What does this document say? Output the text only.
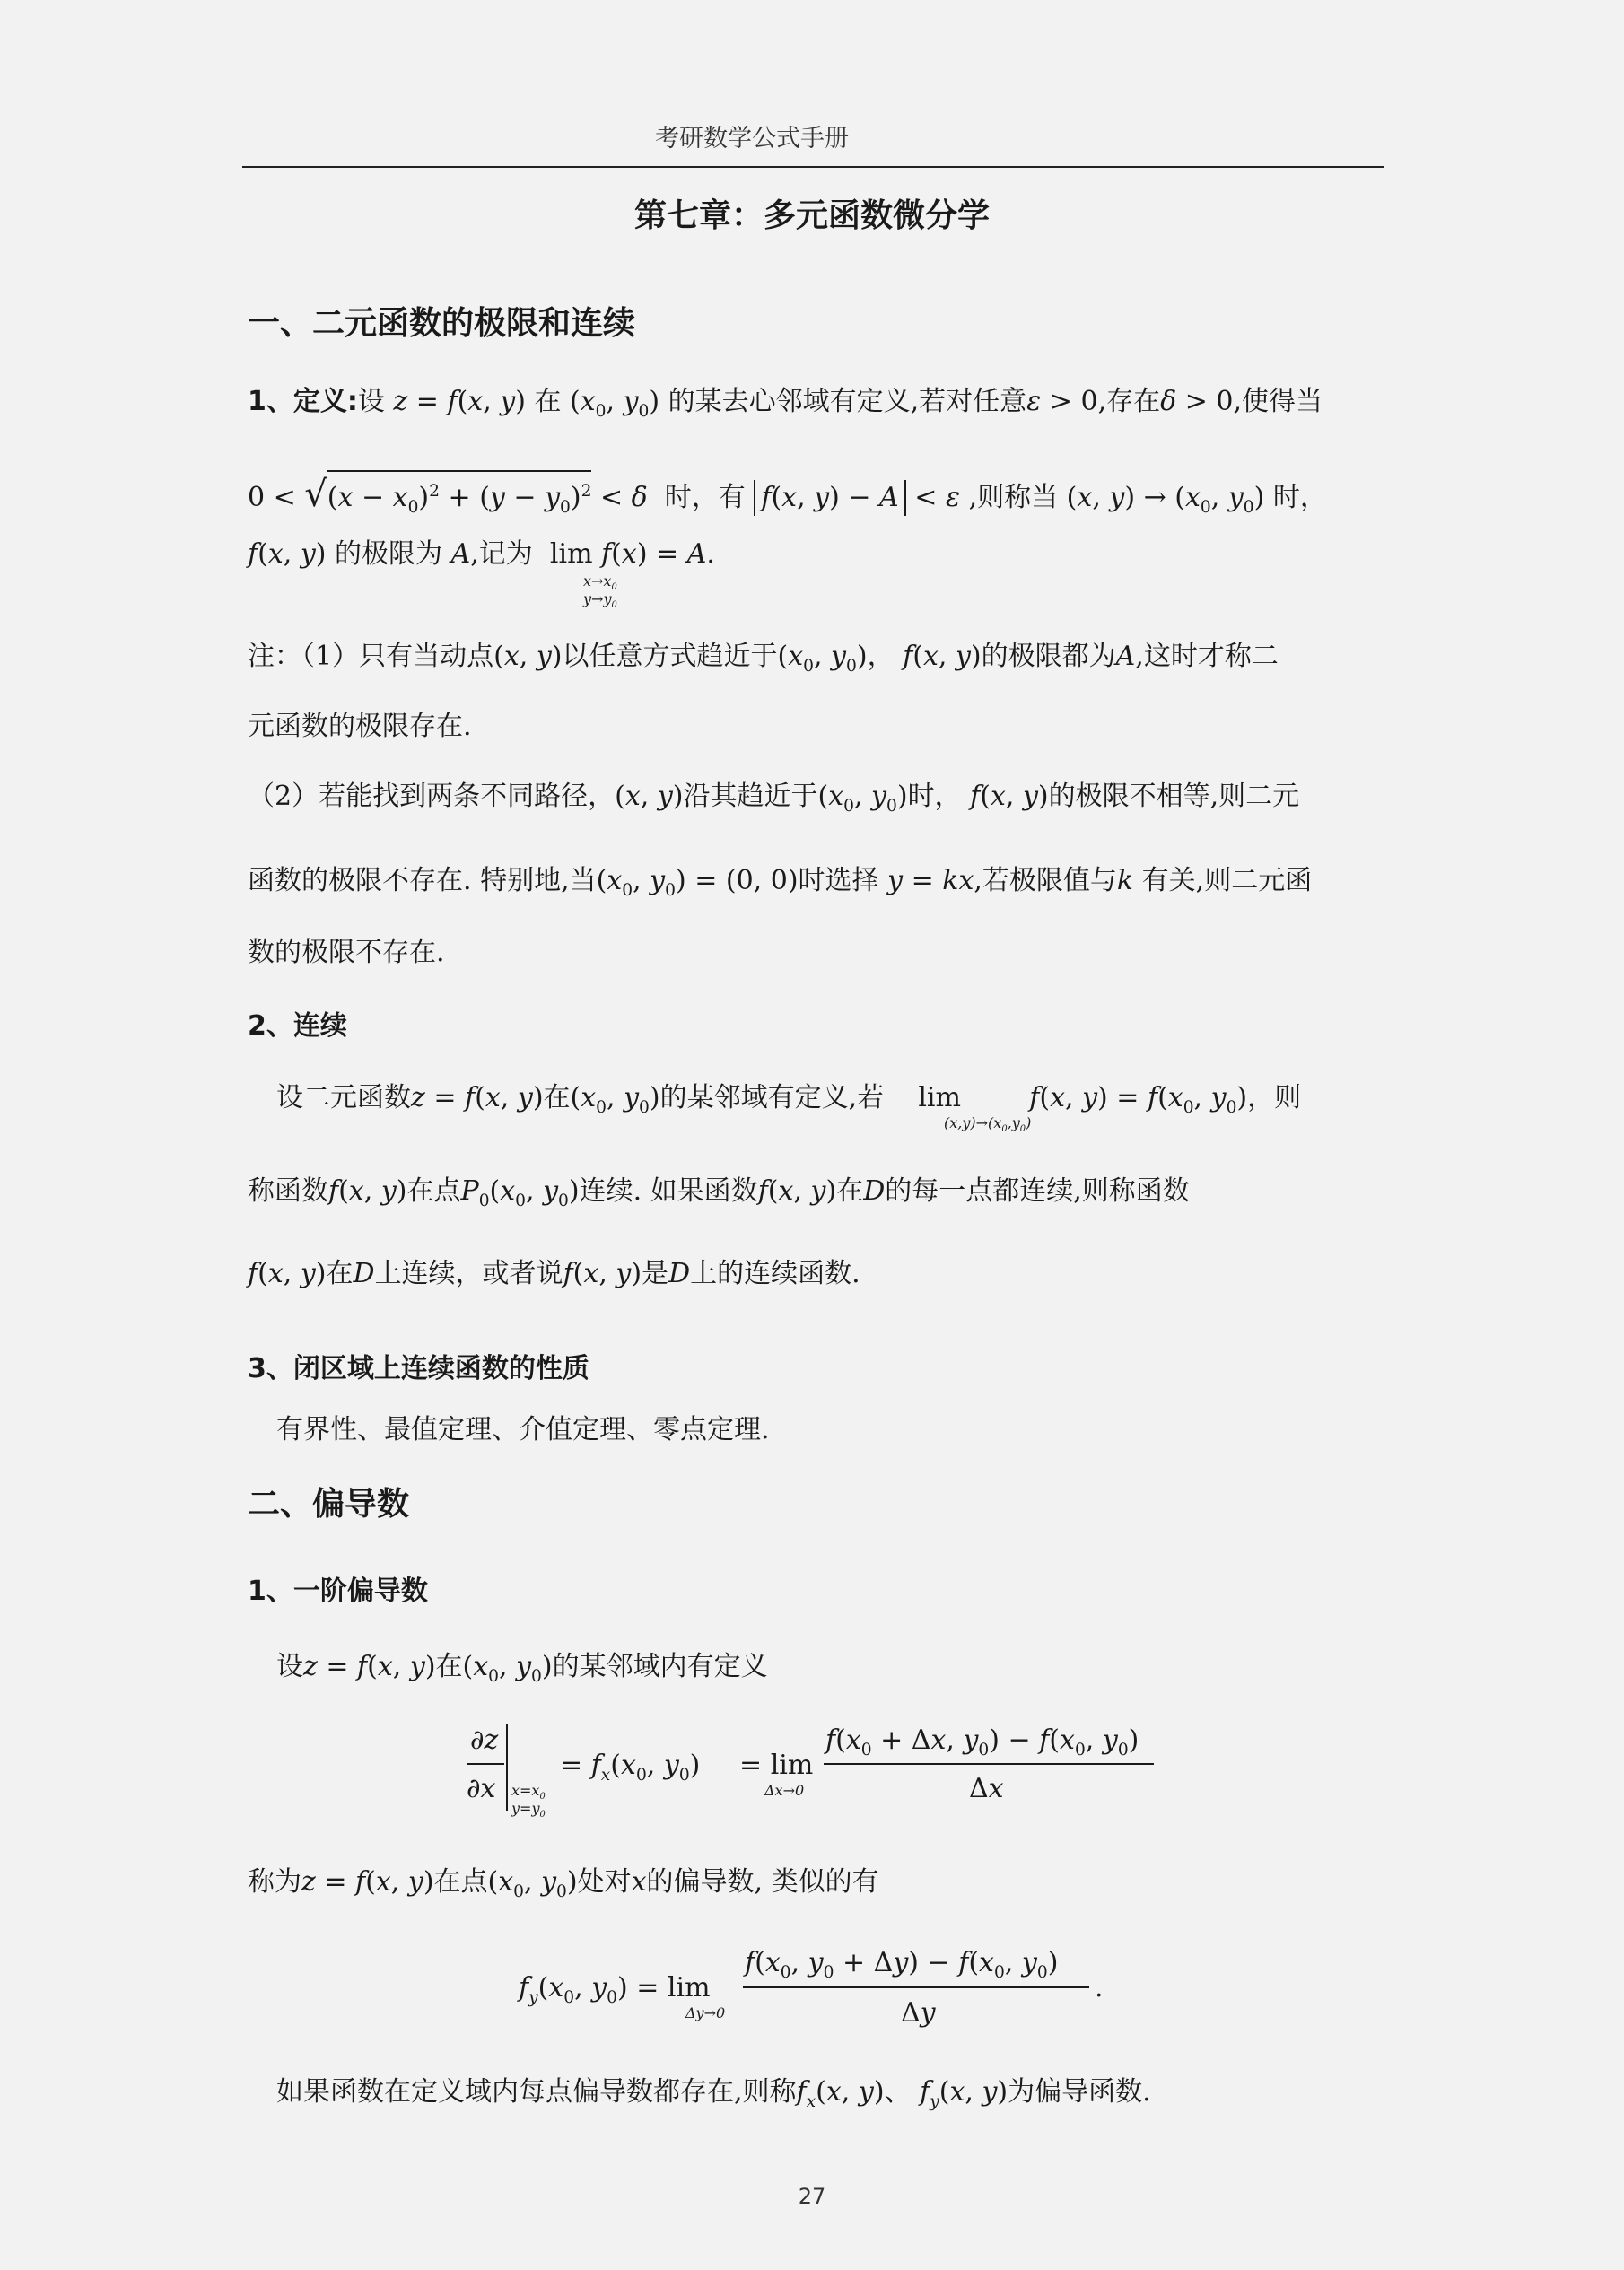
考研数学公式手册
第七章：多元函数微分学
一、二元函数的极限和连续
1、定义:设 z = f(x, y) 在 ($x_0$, $y_0$) 的某去心邻域有定义,若对任意ε > 0,存在δ > 0,使得当
$0 < √(x - x_0)^2 + (y - y_0)^2 < \delta$ 时，有 f(x, y) − A < ε ,则称当 (x, $y) \to (x_0$, $y_0$) 时，
f(x, y) 的极限为 A,记为 lim f(x) = A.
$x\to x_0$
$y\to y_0$
注：（1）只有当动点(x, y)以任意方式趋近于($x_0$, $y_0$)， f(x, y)的极限都为A,这时才称二
元函数的极限存在.
（2）若能找到两条不同路径，(x, y)沿其趋近于($x_0$, $y_0$)时， f(x, y)的极限不相等,则二元
函数的极限不存在. 特别地,当($x_0$, $y_0) = (0$, 0)时选择 y = kx,若极限值与k 有关,则二元函
数的极限不存在.
2、连续
设二元函数z = f(x, y)在($x_0$, $y_0$)的某邻域有定义,若 lim	f(x, $y) = f(x_0$, $y_0$)，则
$(x,y)\to(x_0,y_0)$
称函数f(x, y)在点$P_0(x_0$, $y_0$)连续. 如果函数f(x, y)在D的每一点都连续,则称函数
f(x, y)在D上连续，或者说f(x, y)是D上的连续函数.
3、闭区域上连续函数的性质
有界性、最值定理、介值定理、零点定理.
二、偏导数
1、一阶偏导数
设z = f(x, y)在($x_0$, $y_0$)的某邻域内有定义
∂z
∂x $x=x_0$
$y=y_0$
= $f_x(x_0$, $y_0) = \lim$
Δx→0
$f(x_0 + \Delta x$, $y_0) - f(x_0$, $y_0$)
Δx
称为z = f(x, y)在点($x_0$, $y_0$)处对x的偏导数, 类似的有
$f_y(x_0$, $y_0) = \lim$
Δy→0
$f(x_0$, $y_0 + \Delta y) - f(x_0$, $y_0$)
Δy
.
如果函数在定义域内每点偏导数都存在,则称$f_x(x$, y)、 $f_y(x$, y)为偏导函数.
27
